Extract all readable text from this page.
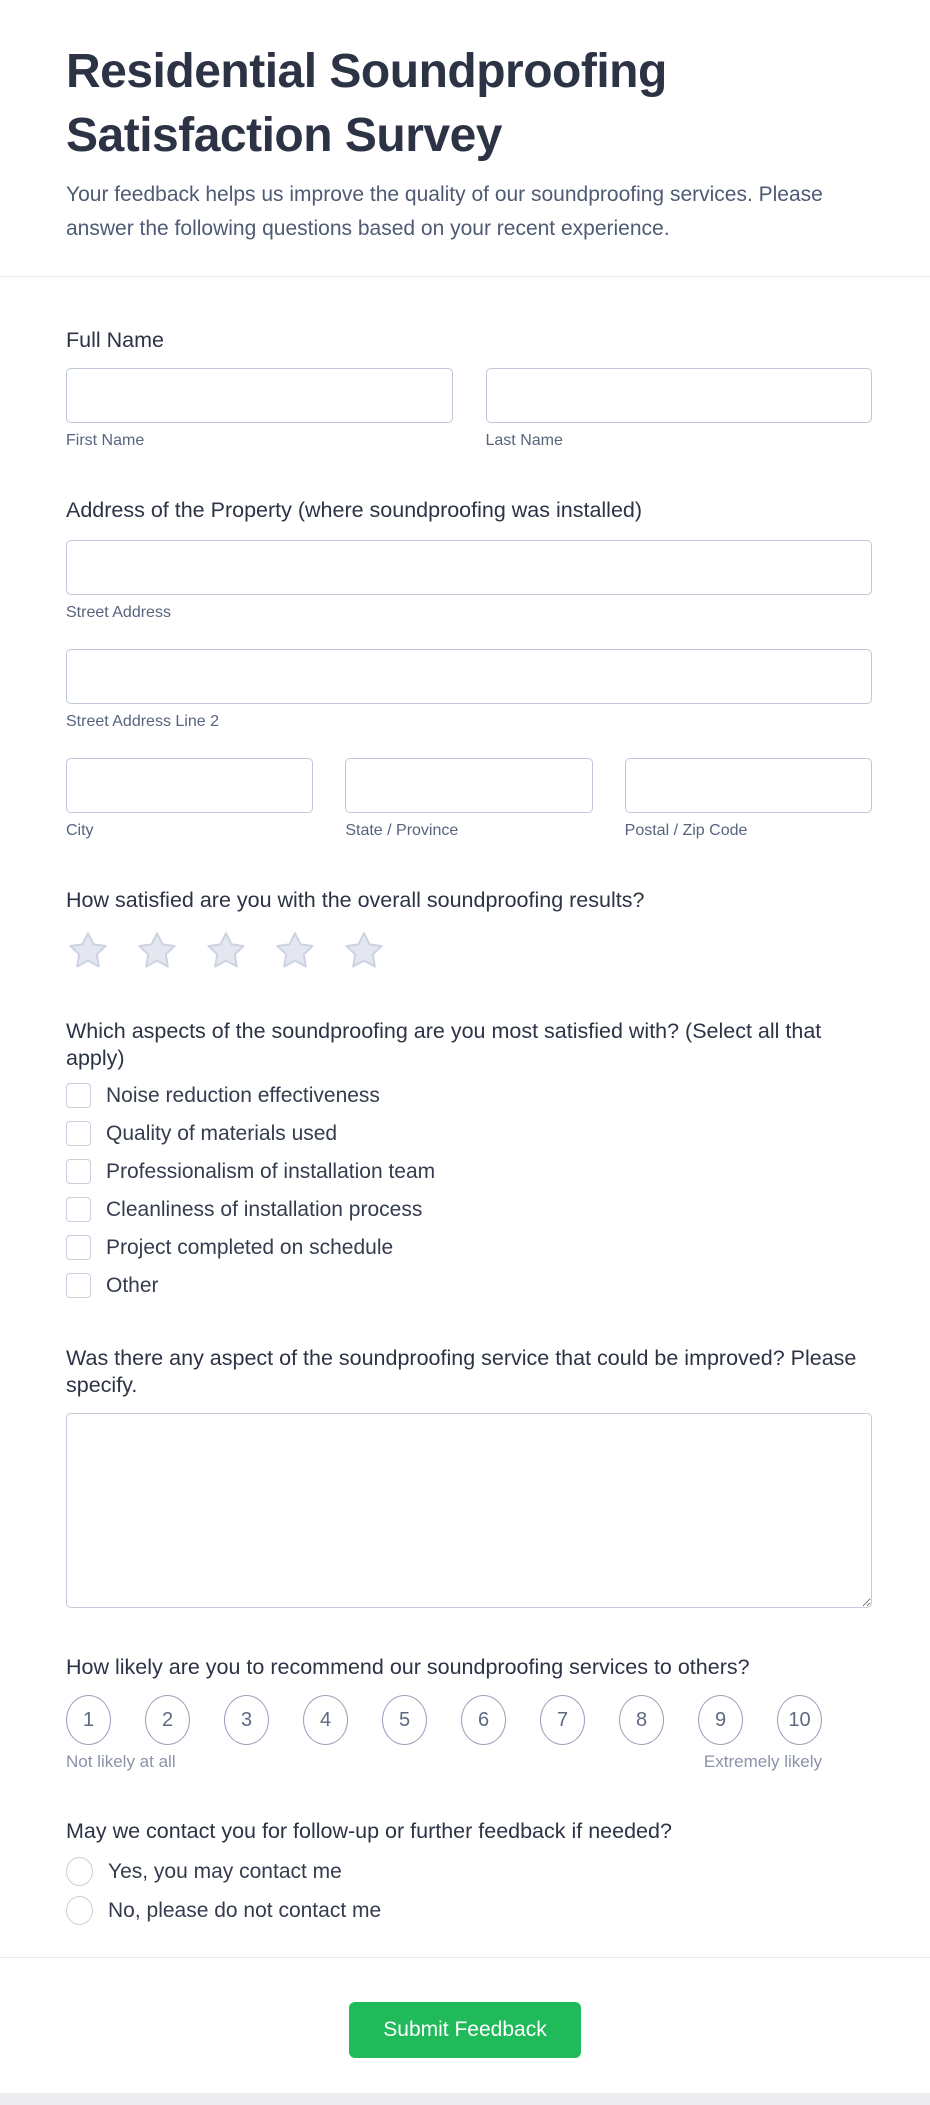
Residential Soundproofing Satisfaction Survey
Your feedback helps us improve the quality of our soundproofing services. Please answer the following questions based on your recent experience.
Full Name
First Name	Last Name
Address of the Property (where soundproofing was installed)
Street Address
Street Address Line 2
City	State / Province	Postal / Zip Code
How satisfied are you with the overall soundproofing results?
Which aspects of the soundproofing are you most satisfied with? (Select all that apply)
Noise reduction effectiveness
Quality of materials used
Professionalism of installation team
Cleanliness of installation process
Project completed on schedule
Other
Was there any aspect of the soundproofing service that could be improved? Please specify.
How likely are you to recommend our soundproofing services to others?
1	2	3	4	5	6	7	8	9	10
Not likely at all	Extremely likely
May we contact you for follow-up or further feedback if needed?
Yes, you may contact me
No, please do not contact me
Submit Feedback
